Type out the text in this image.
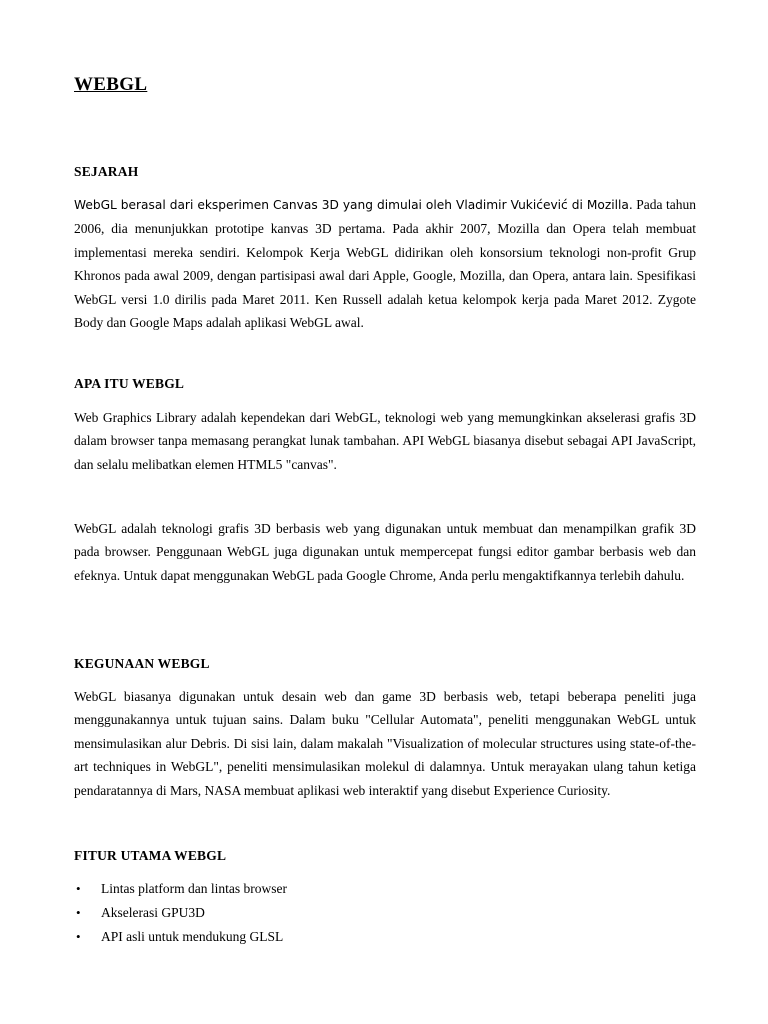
WEBGL
SEJARAH

WebGL berasal dari eksperimen Canvas 3D yang dimulai oleh Vladimir Vukićević di Mozilla. Pada tahun 2006, dia menunjukkan prototipe kanvas 3D pertama. Pada akhir 2007, Mozilla dan Opera telah membuat implementasi mereka sendiri. Kelompok Kerja WebGL didirikan oleh konsorsium teknologi non-profit Grup Khronos pada awal 2009, dengan partisipasi awal dari Apple, Google, Mozilla, dan Opera, antara lain. Spesifikasi WebGL versi 1.0 dirilis pada Maret 2011. Ken Russell adalah ketua kelompok kerja pada Maret 2012. Zygote Body dan Google Maps adalah aplikasi WebGL awal.

APA ITU WEBGL

Web Graphics Library adalah kependekan dari WebGL, teknologi web yang memungkinkan akselerasi grafis 3D dalam browser tanpa memasang perangkat lunak tambahan. API WebGL biasanya disebut sebagai API JavaScript, dan selalu melibatkan elemen HTML5 "canvas".

WebGL adalah teknologi grafis 3D berbasis web yang digunakan untuk membuat dan menampilkan grafik 3D pada browser. Penggunaan WebGL juga digunakan untuk mempercepat fungsi editor gambar berbasis web dan efeknya. Untuk dapat menggunakan WebGL pada Google Chrome, Anda perlu mengaktifkannya terlebih dahulu.

KEGUNAAN WEBGL

WebGL biasanya digunakan untuk desain web dan game 3D berbasis web, tetapi beberapa peneliti juga menggunakannya untuk tujuan sains. Dalam buku "Cellular Automata", peneliti menggunakan WebGL untuk mensimulasikan alur Debris. Di sisi lain, dalam makalah "Visualization of molecular structures using state-of-the-art techniques in WebGL", peneliti mensimulasikan molekul di dalamnya. Untuk merayakan ulang tahun ketiga pendaratannya di Mars, NASA membuat aplikasi web interaktif yang disebut Experience Curiosity.

FITUR UTAMA WEBGL
• Lintas platform dan lintas browser
• Akselerasi GPU3D
• API asli untuk mendukung GLSL
